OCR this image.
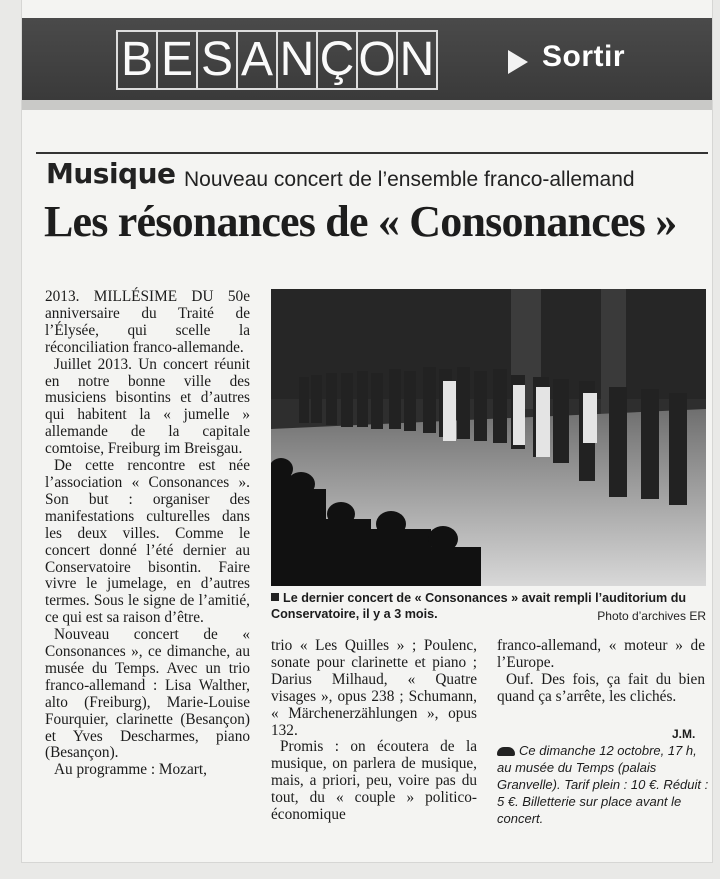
B E S A N Ç O N	Sortir
Musique Nouveau concert de l’ensemble franco-allemand
Les résonances de « Consonances »

2013. MILLÉSIME DU 50e anniversaire du Traité de l’Élysée, qui scelle la réconciliation franco-allemande.

Juillet 2013. Un concert réunit en notre bonne ville des musiciens bisontins et d’autres qui habitent la « jumelle » allemande de la capitale comtoise, Freiburg im Breisgau.

De cette rencontre est née l’association « Consonances ». Son but : organiser des manifestations culturelles dans les deux villes. Comme le concert donné l’été dernier au Conservatoire bisontin. Faire vivre le jumelage, en d’autres termes. Sous le signe de l’amitié, ce qui est sa raison d’être.

Nouveau concert de « Consonances », ce dimanche, au musée du Temps. Avec un trio franco-allemand : Lisa Walther, alto (Freiburg), Marie-Louise Fourquier, clarinette (Besançon) et Yves Descharmes, piano (Besançon).

Au programme : Mozart,

Le dernier concert de « Consonances » avait rempli l’auditorium du Conservatoire, il y a 3 mois.	Photo d’archives ER

trio « Les Quilles » ; Poulenc, sonate pour clarinette et piano ; Darius Milhaud, « Quatre visages », opus 238 ; Schumann, « Märchenerzählungen », opus 132.

Promis : on écoutera de la musique, on parlera de musique, mais, a priori, peu, voire pas du tout, du « couple » politico-économique

franco-allemand, « moteur » de l’Europe.

Ouf. Des fois, ça fait du bien quand ça s’arrête, les clichés.

J.M.
Ce dimanche 12 octobre, 17 h, au musée du Temps (palais Granvelle). Tarif plein : 10 €. Réduit : 5 €. Billetterie sur place avant le concert.
